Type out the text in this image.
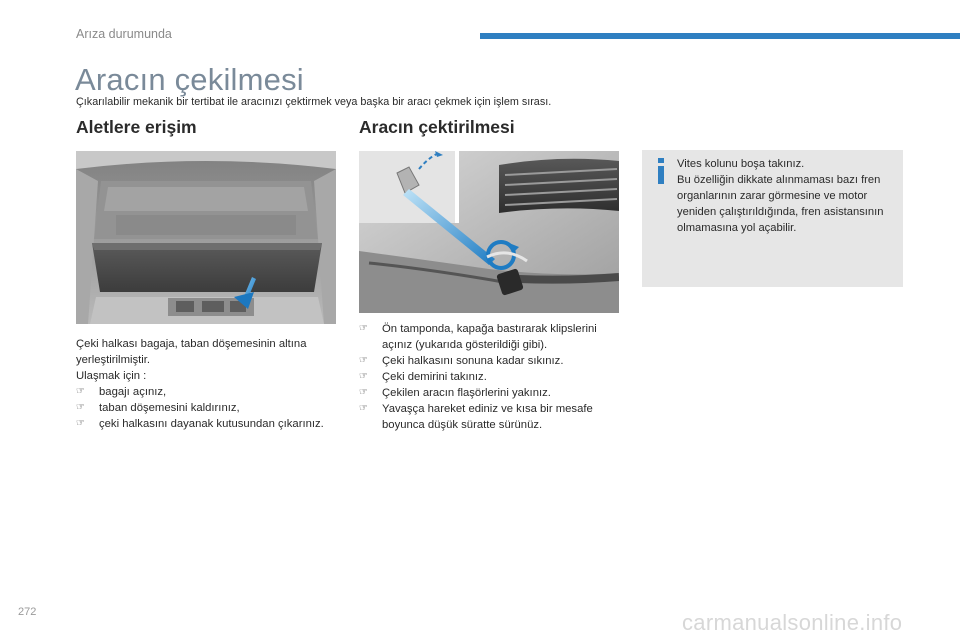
Arıza durumunda
Aracın çekilmesi
Çıkarılabilir mekanik bir tertibat ile aracınızı çektirmek veya başka bir aracı çekmek için işlem sırası.
Aletlere erişim	Aracın çektirilmesi
Çeki halkası bagaja, taban döşemesinin altına
yerleştirilmiştir.
Ulaşmak için :
☞ bagajı açınız,
☞ taban döşemesini kaldırınız,
☞ çeki halkasını dayanak kutusundan çıkarınız.
☞ Ön tamponda, kapağa bastırarak klipslerini açınız (yukarıda gösterildiği gibi).
☞ Çeki halkasını sonuna kadar sıkınız.
☞ Çeki demirini takınız.
☞ Çekilen aracın flaşörlerini yakınız.
☞ Yavaşça hareket ediniz ve kısa bir mesafe boyunca düşük süratte sürünüz.
Vites kolunu boşa takınız.
Bu özelliğin dikkate alınmaması bazı fren organlarının zarar görmesine ve motor yeniden çalıştırıldığında, fren asistansının olmamasına yol açabilir.
272	carmanualsonline.info
